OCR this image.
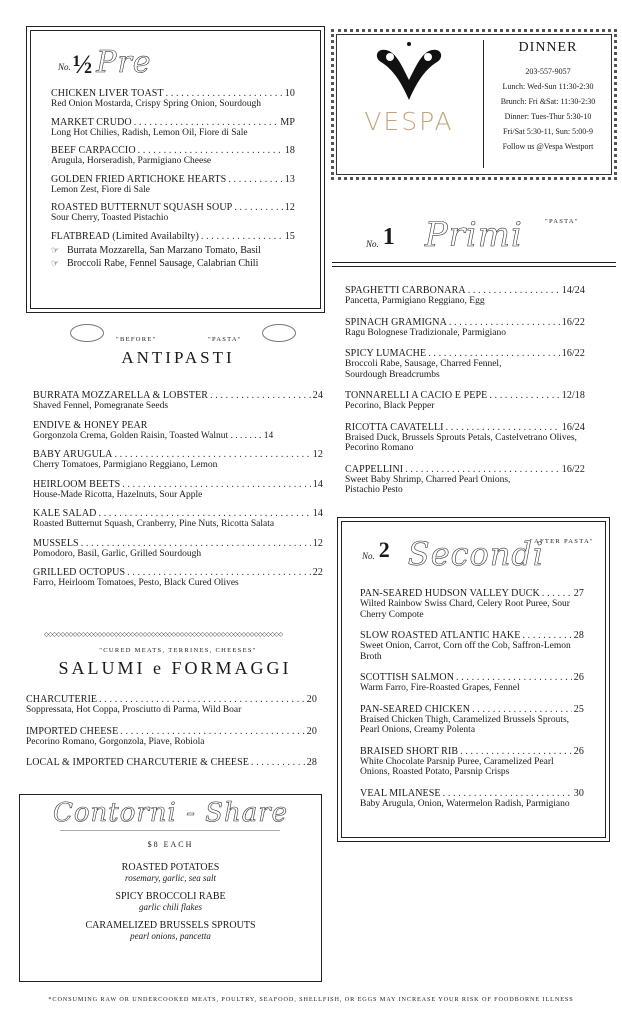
No. ½ Pre
CHICKEN LIVER TOAST . . .	10
Red Onion Mostarda, Crispy Spring Onion, Sourdough
MARKET CRUDO . . .	MP
Long Hot Chilies, Radish, Lemon Oil, Fiore di Sale
BEEF CARPACCIO . . .	18
Arugula, Horseradish, Parmigiano Cheese
GOLDEN FRIED ARTICHOKE HEARTS . . .	13
Lemon Zest, Fiore di Sale
ROASTED BUTTERNUT SQUASH SOUP . . .	12
Sour Cherry, Toasted Pistachio
FLATBREAD (Limited Availabilty) . . .	15
☞ Burrata Mozzarella, San Marzano Tomato, Basil
☞ Broccoli Rabe, Fennel Sausage, Calabrian Chili
VESPA
DINNER
203-557-9057
Lunch: Wed-Sun 11:30-2:30
Brunch: Fri &Sat: 11:30-2:30
Dinner: Tues-Thur 5:30-10
Fri/Sat 5:30-11, Sun: 5:00-9
Follow us @Vespa Westport
"BEFORE"	"PASTA"
ANTIPASTI
BURRATA MOZZARELLA & LOBSTER . . .	24
Shaved Fennel, Pomegranate Seeds
ENDIVE & HONEY PEAR
Gorgonzola Crema, Golden Raisin, Toasted Walnut . . . . . . . 14
BABY ARUGULA . . .	12
Cherry Tomatoes, Parmigiano Reggiano, Lemon
HEIRLOOM BEETS . . .	14
House-Made Ricotta, Hazelnuts, Sour Apple
KALE SALAD . . .	14
Roasted Butternut Squash, Cranberry, Pine Nuts, Ricotta Salata
MUSSELS . . .	12
Pomodoro, Basil, Garlic, Grilled Sourdough
GRILLED OCTOPUS . . .	22
Farro, Heirloom Tomatoes, Pesto, Black Cured Olives
◇◇◇◇◇◇◇◇◇◇◇◇◇◇◇◇◇◇◇◇◇◇◇◇◇◇◇◇◇◇◇◇◇◇◇◇◇◇◇◇◇◇◇◇◇◇◇◇◇◇◇◇◇◇◇◇◇◇
"CURED MEATS, TERRINES, CHEESES"
SALUMI e FORMAGGI
CHARCUTERIE . . .	20
Soppressata, Hot Coppa, Prosciutto di Parma, Wild Boar
IMPORTED CHEESE . . .	20
Pecorino Romano, Gorgonzola, Piave, Robiola
LOCAL & IMPORTED CHARCUTERIE & CHEESE . . .	28
Contorni - Share
$8 EACH
ROASTED POTATOES
rosemary, garlic, sea salt
SPICY BROCCOLI RABE
garlic chili flakes
CARAMELIZED BRUSSELS SPROUTS
pearl onions, pancetta
No. 1 Primi	"PASTA"
SPAGHETTI CARBONARA . . .	14/24
Pancetta, Parmigiano Reggiano, Egg
SPINACH GRAMIGNA . . .	16/22
Ragu Bolognese Tradizionale, Parmigiano
SPICY LUMACHE . . .	16/22
Broccoli Rabe, Sausage, Charred Fennel, Sourdough Breadcrumbs
TONNARELLI A CACIO E PEPE . . .	12/18
Pecorino, Black Pepper
RICOTTA CAVATELLI . . .	16/24
Braised Duck, Brussels Sprouts Petals, Castelvetrano Olives, Pecorino Romano
CAPPELLINI . . .	16/22
Sweet Baby Shrimp, Charred Pearl Onions, Pistachio Pesto
No. 2 Secondi
"AFTER PASTA"
PAN-SEARED HUDSON VALLEY DUCK . . .	27
Wilted Rainbow Swiss Chard, Celery Root Puree, Sour Cherry Compote
SLOW ROASTED ATLANTIC HAKE . . .	28
Sweet Onion, Carrot, Corn off the Cob, Saffron-Lemon Broth
SCOTTISH SALMON . . .	26
Warm Farro, Fire-Roasted Grapes, Fennel
PAN-SEARED CHICKEN . . .	25
Braised Chicken Thigh, Caramelized Brussels Sprouts, Pearl Onions, Creamy Polenta
BRAISED SHORT RIB . . .	26
White Chocolate Parsnip Puree, Caramelized Pearl Onions, Roasted Potato, Parsnip Crisps
VEAL MILANESE . . .	30
Baby Arugula, Onion, Watermelon Radish, Parmigiano
*CONSUMING RAW OR UNDERCOOKED MEATS, POULTRY, SEAFOOD, SHELLFISH, OR EGGS MAY INCREASE YOUR RISK OF FOODBORNE ILLNESS
